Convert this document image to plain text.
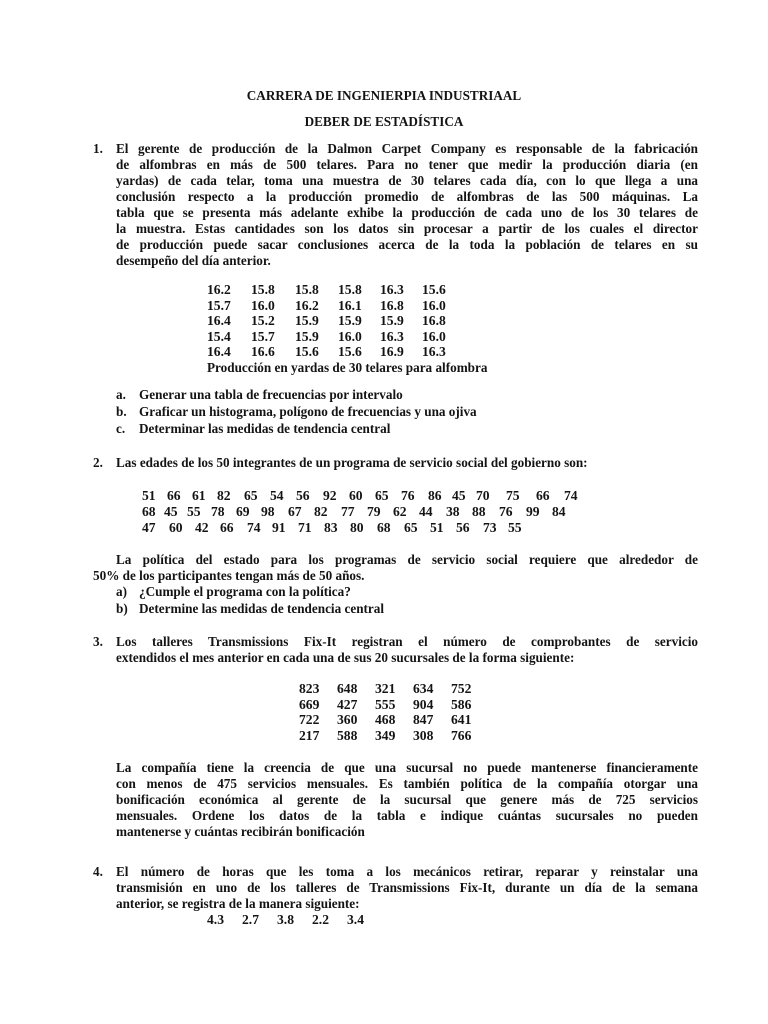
CARRERA DE INGENIERPIA INDUSTRIAAL
DEBER DE ESTADÍSTICA
1. El gerente de producción de la Dalmon Carpet Company es responsable de la fabricación
de alfombras en más de 500 telares. Para no tener que medir la producción diaria (en
yardas) de cada telar, toma una muestra de 30 telares cada día, con lo que llega a una
conclusión respecto a la producción promedio de alfombras de las 500 máquinas. La
tabla que se presenta más adelante exhibe la producción de cada uno de los 30 telares de
la muestra. Estas cantidades son los datos sin procesar a partir de los cuales el director
de producción puede sacar conclusiones acerca de la toda la población de telares en su
desempeño del día anterior.
16.2 15.8 15.8 15.8 16.3 15.6
15.7 16.0 16.2 16.1 16.8 16.0
16.4 15.2 15.9 15.9 15.9 16.8
15.4 15.7 15.9 16.0 16.3 16.0
16.4 16.6 15.6 15.6 16.9 16.3
Producción en yardas de 30 telares para alfombra
a. Generar una tabla de frecuencias por intervalo
b. Graficar un histograma, polígono de frecuencias y una ojiva
c. Determinar las medidas de tendencia central
2. Las edades de los 50 integrantes de un programa de servicio social del gobierno son:
51 66 61 82 65 54 56 92 60 65 76 86 45 70 75 66 74
68 45 55 78 69 98 67 82 77 79 62 44 38 88 76 99 84
47 60 42 66 74 91 71 83 80 68 65 51 56 73 55
La política del estado para los programas de servicio social requiere que alrededor de
50% de los participantes tengan más de 50 años.
a) ¿Cumple el programa con la política?
b) Determine las medidas de tendencia central
3. Los talleres Transmissions Fix-It registran el número de comprobantes de servicio
extendidos el mes anterior en cada una de sus 20 sucursales de la forma siguiente:
823 648 321 634 752
669 427 555 904 586
722 360 468 847 641
217 588 349 308 766
La compañía tiene la creencia de que una sucursal no puede mantenerse financieramente
con menos de 475 servicios mensuales. Es también política de la compañía otorgar una
bonificación económica al gerente de la sucursal que genere más de 725 servicios
mensuales. Ordene los datos de la tabla e indique cuántas sucursales no pueden
mantenerse y cuántas recibirán bonificación
4. El número de horas que les toma a los mecánicos retirar, reparar y reinstalar una
transmisión en uno de los talleres de Transmissions Fix-It, durante un día de la semana
anterior, se registra de la manera siguiente:
4.3 2.7 3.8 2.2 3.4
